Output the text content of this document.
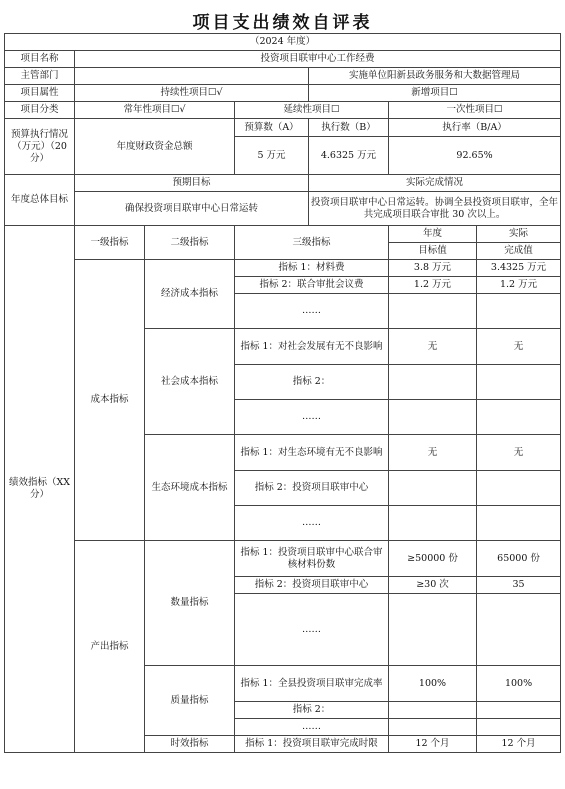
项目支出绩效自评表
（2024 年度）						
项目名称	投资项目联审中心工作经费					
主管部门				实施单位阳新县政务服务和大数据管理局		
项目属性	持续性项目☐√			新增项目☐		
项目分类	常年性项目☐√		延续性项目☐		一次性项目☐	
预算执行情况（万元）（20 分）	年度财政资金总额		预算数（A）	执行数（B）	执行率（B/A）	
			5 万元	4.6325 万元	92.65%	
年度总体目标	预期目标			实际完成情况		
	确保投资项目联审中心日常运转			投资项目联审中心日常运转。协调全县投资项目联审，全年共完成项目联合审批 30 次以上。		
绩效指标（XX 分）	一级指标	二级指标	三级指标		年度	实际
					目标值	完成值
	成本指标	经济成本指标	指标 1：材料费		3.8 万元	3.4325 万元
			指标 2：联合审批会议费		1.2 万元	1.2 万元
			……			
		社会成本指标	指标 1：对社会发展有无不良影响		无	无
			指标 2：			
			……			
		生态环境成本指标	指标 1：对生态环境有无不良影响		无	无
			指标 2：投资项目联审中心			
			……			
	产出指标	数量指标	指标 1：投资项目联审中心联合审核材料份数		≥50000 份	65000 份
			指标 2：投资项目联审中心		≥30 次	35
			……			
		质量指标	指标 1：全县投资项目联审完成率		100%	100%
			指标 2：			
			……			
		时效指标	指标 1：投资项目联审完成时限		12 个月	12 个月
